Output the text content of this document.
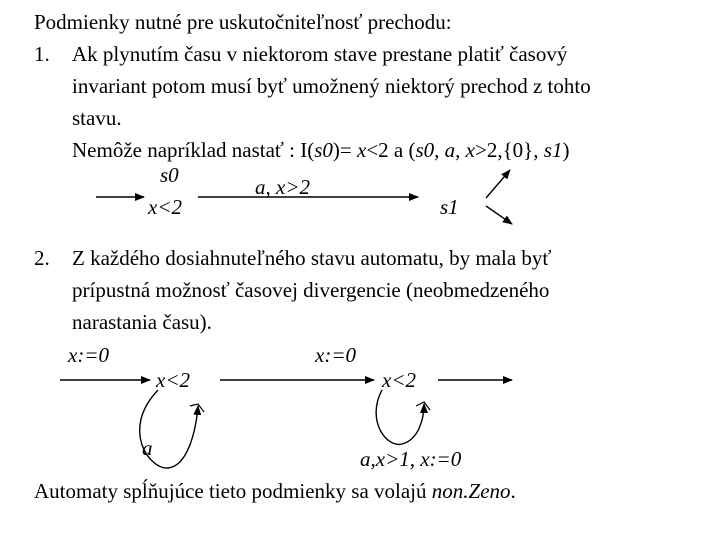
Podmienky nutné pre uskutočniteľnosť prechodu:
1. Ak plynutím času v niektorom stave prestane platiť časový
invariant potom musí byť umožnený niektorý prechod z tohto
stavu.
Nemôže napríklad nastať : I(s0)= x<2 a (s0, a, x>2,{0}, s1)
s0	a, x>2
x<2	s1
2. Z každého dosiahnuteľného stavu automatu, by mala byť
prípustná možnosť časovej divergencie (neobmedzeného
narastania času).
x:=0
x<2
a
x:=0
x<2
a,x>1, x:=0
Automaty spĺňujúce tieto podmienky sa volajú non.Zeno.
